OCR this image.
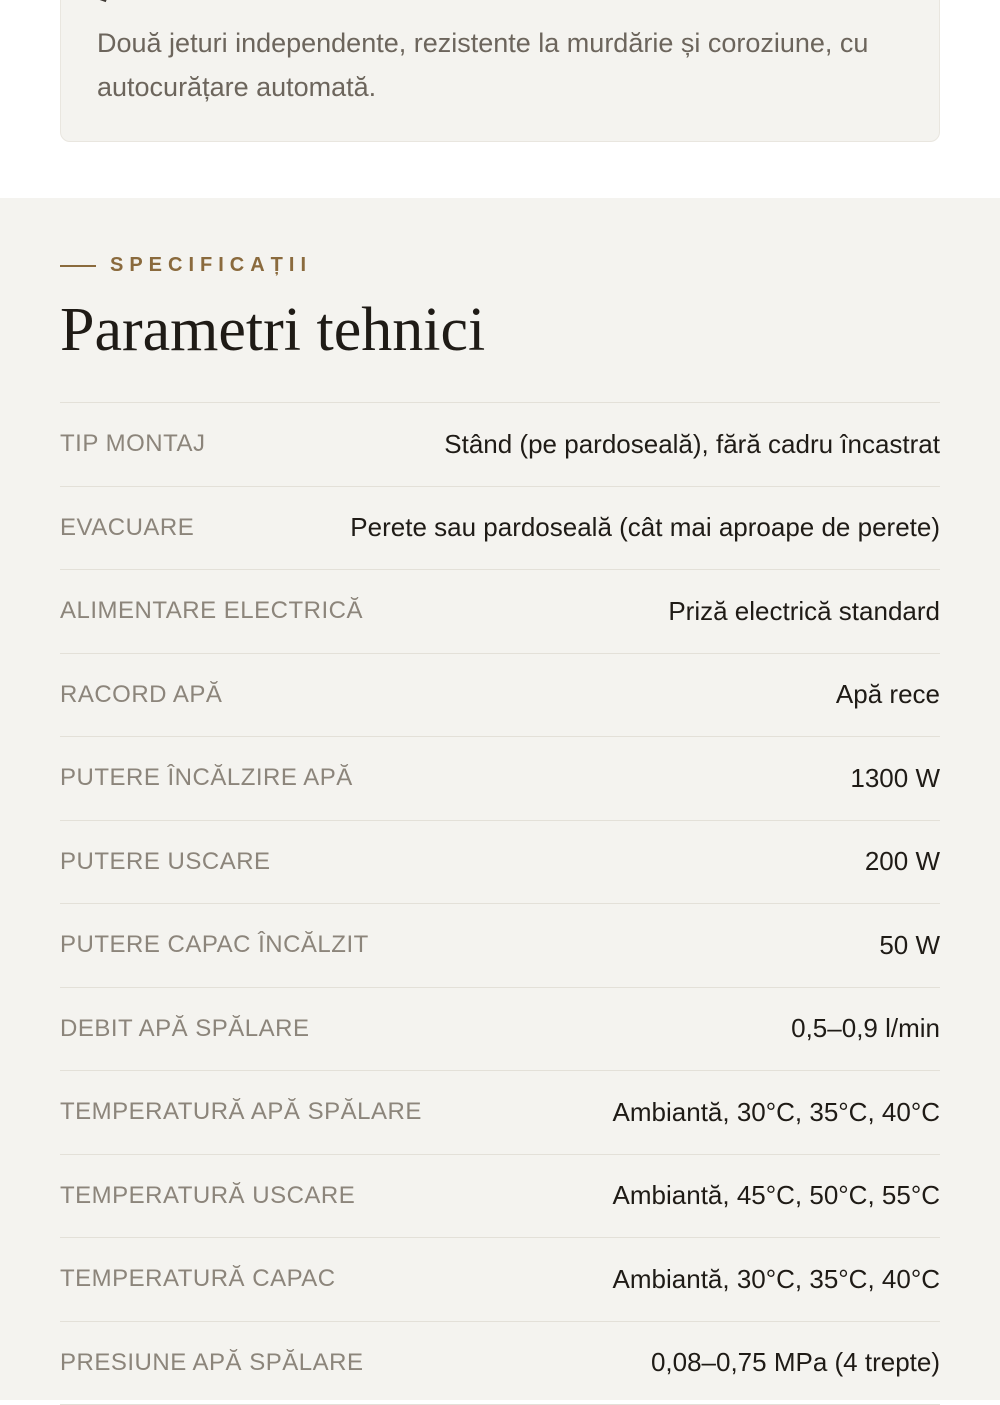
Două jeturi independente, rezistente la murdărie și coroziune, cu autocurățare automată.

SPECIFICAȚII
Parametri tehnici
TIP MONTAJ	Stând (pe pardoseală), fără cadru încastrat
EVACUARE	Perete sau pardoseală (cât mai aproape de perete)
ALIMENTARE ELECTRICĂ	Priză electrică standard
RACORD APĂ	Apă rece
PUTERE ÎNCĂLZIRE APĂ	1300 W
PUTERE USCARE	200 W
PUTERE CAPAC ÎNCĂLZIT	50 W
DEBIT APĂ SPĂLARE	0,5–0,9 l/min
TEMPERATURĂ APĂ SPĂLARE	Ambiantă, 30°C, 35°C, 40°C
TEMPERATURĂ USCARE	Ambiantă, 45°C, 50°C, 55°C
TEMPERATURĂ CAPAC	Ambiantă, 30°C, 35°C, 40°C
PRESIUNE APĂ SPĂLARE	0,08–0,75 MPa (4 trepte)
